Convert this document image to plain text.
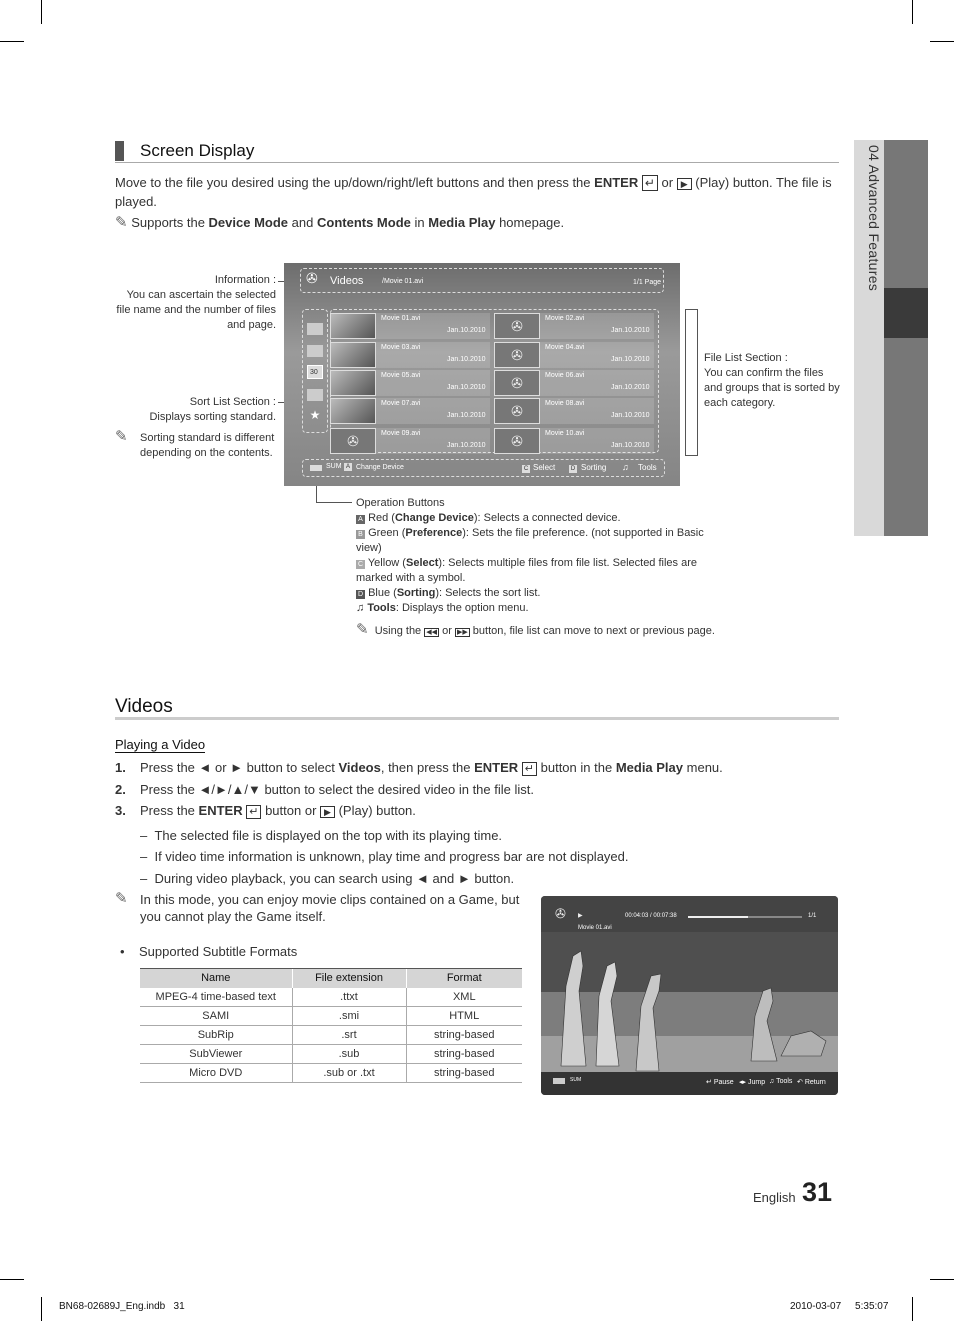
04 Advanced Features
Screen Display
Move to the file you desired using the up/down/right/left buttons and then press the ENTER ↵ or ▶ (Play) button. The file is
played.
✎ Supports the Device Mode and Contents Mode in Media Play homepage.
Information :
You can ascertain the selected file name and the number of files and page.
Sort List Section :
Displays sorting standard.
✎	Sorting standard is different depending on the contents.
File List Section :
You can confirm the files and groups that is sorted by each category.
✇ Videos	/Movie 01.avi	1/1 Page
30
★
SUM A Change Device	C Select	D Sorting ♫ Tools
Movie 01.avi
Jan.10.2010	✇	Movie 02.avi
Jan.10.2010
Movie 03.avi
Jan.10.2010	✇	Movie 04.avi
Jan.10.2010
Movie 05.avi
Jan.10.2010	✇	Movie 06.avi
Jan.10.2010
Movie 07.avi
Jan.10.2010	✇	Movie 08.avi
Jan.10.2010
✇	Movie 09.avi
Jan.10.2010	✇	Movie 10.avi
Jan.10.2010
Operation Buttons
A Red (Change Device): Selects a connected device.
B Green (Preference): Sets the file preference. (not supported in Basic view)
C Yellow (Select): Selects multiple files from file list. Selected files are marked with a symbol.
D Blue (Sorting): Selects the sort list.
♫ Tools: Displays the option menu.
✎ Using the ◀◀ or ▶▶ button, file list can move to next or previous page.
Videos
Playing a Video
1. Press the ◄ or ► button to select Videos, then press the ENTER ↵ button in the Media Play menu.
2. Press the ◄/►/▲/▼ button to select the desired video in the file list.
3. Press the ENTER ↵ button or ▶ (Play) button.
–  The selected file is displayed on the top with its playing time.
–  If video time information is unknown, play time and progress bar are not displayed.
–  During video playback, you can search using ◄ and ► button.
✎ In this mode, you can enjoy movie clips contained on a Game, but you cannot play the Game itself.
•    Supported Subtitle Formats
Name	File extension	Format
MPEG-4 time-based text	.ttxt	XML
SAMI	.smi	HTML
SubRip	.srt	string-based
SubViewer	.sub	string-based
Micro DVD	.sub or .txt	string-based
✇ ▶	00:04:03 / 00:07:38	1/1
Movie 01.avi
SUM	↵ Pause ◂▸ Jump ♫ Tools ↶ Return
English 31
BN68-02689J_Eng.indb   31	2010-03-07     5:35:07
